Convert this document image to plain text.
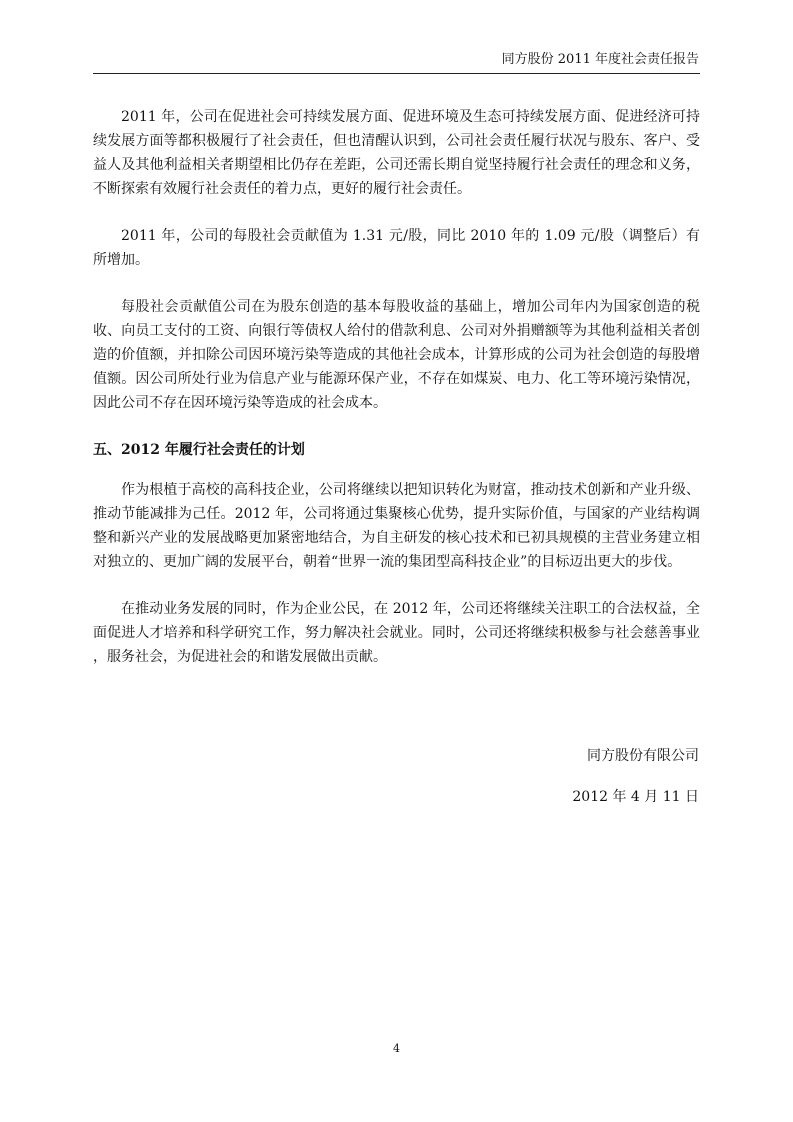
同方股份 2011 年度社会责任报告

2011 年，公司在促进社会可持续发展方面、促进环境及生态可持续发展方面、促进经济可持续发展方面等都积极履行了社会责任，但也清醒认识到，公司社会责任履行状况与股东、客户、受益人及其他利益相关者期望相比仍存在差距，公司还需长期自觉坚持履行社会责任的理念和义务，不断探索有效履行社会责任的着力点，更好的履行社会责任。

2011 年，公司的每股社会贡献值为 1.31 元/股，同比 2010 年的 1.09 元/股（调整后）有所增加。

每股社会贡献值公司在为股东创造的基本每股收益的基础上，增加公司年内为国家创造的税收、向员工支付的工资、向银行等债权人给付的借款利息、公司对外捐赠额等为其他利益相关者创造的价值额，并扣除公司因环境污染等造成的其他社会成本，计算形成的公司为社会创造的每股增值额。因公司所处行业为信息产业与能源环保产业，不存在如煤炭、电力、化工等环境污染情况，因此公司不存在因环境污染等造成的社会成本。

五、2012 年履行社会责任的计划

作为根植于高校的高科技企业，公司将继续以把知识转化为财富，推动技术创新和产业升级、推动节能减排为己任。2012 年，公司将通过集聚核心优势，提升实际价值，与国家的产业结构调整和新兴产业的发展战略更加紧密地结合，为自主研发的核心技术和已初具规模的主营业务建立相对独立的、更加广阔的发展平台，朝着“世界一流的集团型高科技企业”的目标迈出更大的步伐。

在推动业务发展的同时，作为企业公民，在 2012 年，公司还将继续关注职工的合法权益，全面促进人才培养和科学研究工作，努力解决社会就业。同时，公司还将继续积极参与社会慈善事业 ，服务社会，为促进社会的和谐发展做出贡献。

同方股份有限公司
2012 年 4 月 11 日
4
